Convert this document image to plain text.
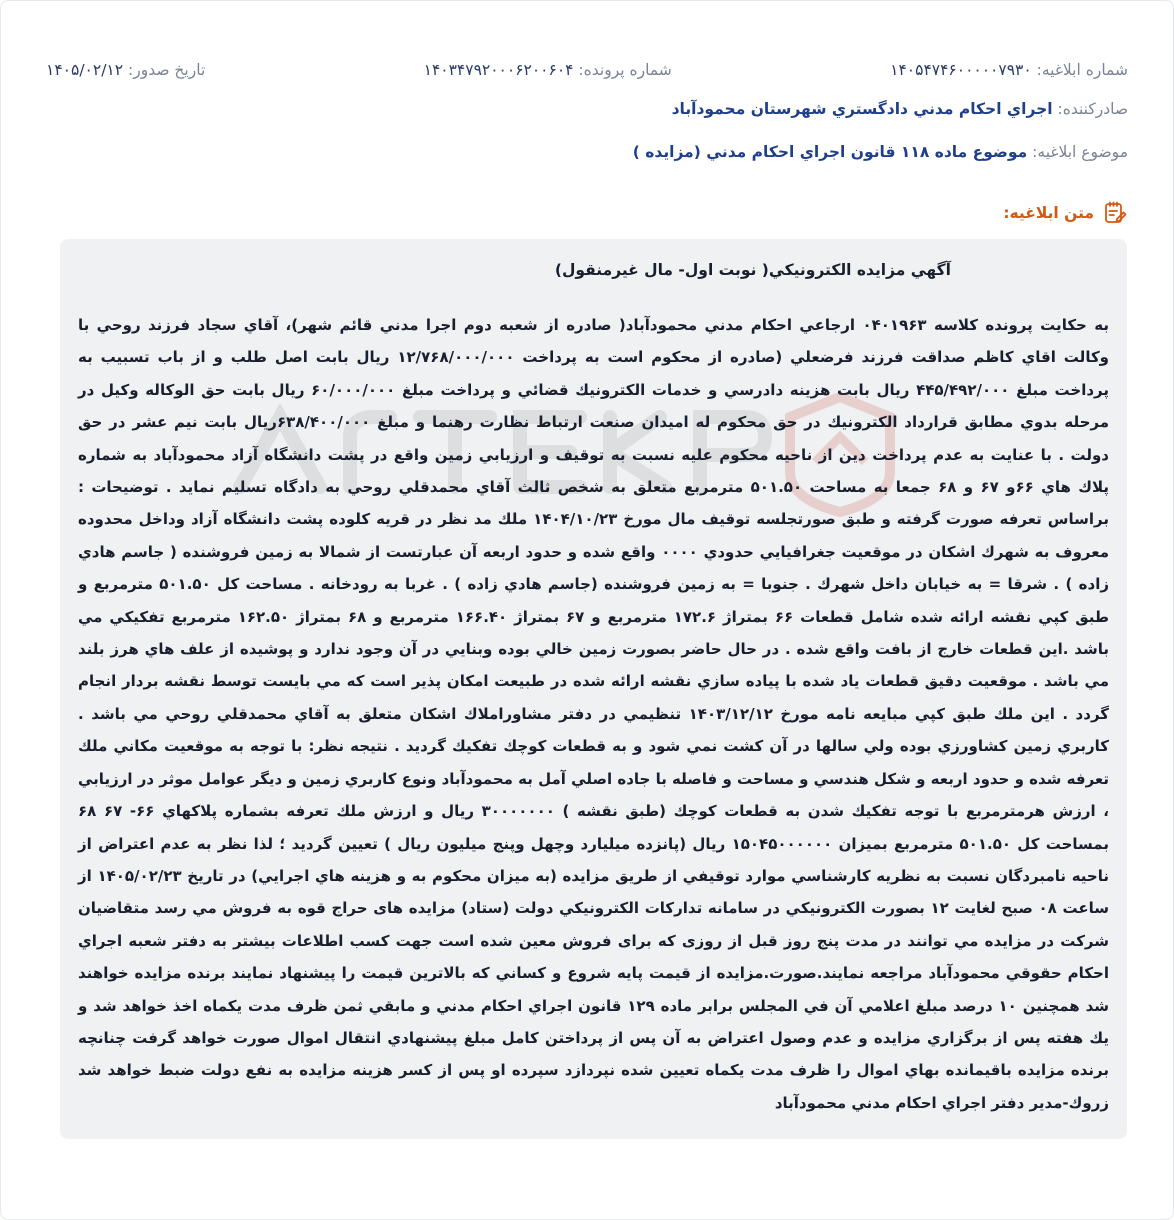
شماره ابلاغیه: ۱۴۰۵۴۷۴۶۰۰۰۰۰۷۹۳۰
شماره پرونده: ۱۴۰۳۴۷۹۲۰۰۰۶۲۰۰۶۰۴
تاریخ صدور: ۱۴۰۵/۰۲/۱۲
صادرکننده: اجراي احكام مدني دادگستري شهرستان محمودآباد
موضوع ابلاغیه: موضوع ماده ۱۱۸ قانون اجراي احكام مدني (مزايده )
متن ابلاغیه:
آگهي مزايده الكترونيكي( نوبت اول- مال غيرمنقول)
به حكايت پرونده كلاسه ۰۴۰۱۹۶۳ ارجاعي احكام مدني محمودآباد( صادره از شعبه دوم اجرا مدني قائم شهر)، آقاي سجاد فرزند روحي با وكالت اقاي كاظم صداقت فرزند فرضعلي (صادره از محكوم است به پرداخت ۱۲/۷۶۸/۰۰۰/۰۰۰ ريال بابت اصل طلب و از باب تسبيب به پرداخت مبلغ ۴۴۵/۴۹۲/۰۰۰ ريال بابت هزينه دادرسي و خدمات الكترونيك قضائي و پرداخت مبلغ ۶۰/۰۰۰/۰۰۰ ريال بابت حق الوكاله وكيل در مرحله بدوي مطابق قرارداد الكترونيك در حق محكوم له اميدان صنعت ارتباط نظارت رهنما و مبلغ ۶۳۸/۴۰۰/۰۰۰ريال بابت نيم عشر در حق دولت . با عنايت به عدم پرداخت دين از ناحيه محكوم عليه نسبت به توقيف و ارزيابي زمين واقع در پشت دانشگاه آزاد محمودآباد به شماره پلاك هاي ۶۶و ۶۷ و ۶۸ جمعا به مساحت ۵۰۱.۵۰ مترمربع متعلق به شخص ثالث آقاي محمدقلي روحي به دادگاه تسليم نمايد . توضيحات : براساس تعرفه صورت گرفته و طبق صورتجلسه توقيف مال مورخ ۱۴۰۴/۱۰/۲۳ ملك مد نظر در قريه كلوده پشت دانشگاه آزاد وداخل محدوده معروف به شهرك اشكان در موقعيت جغرافيايي حدودي ۰۰۰۰ واقع شده و حدود اربعه آن عبارتست از شمالا به زمين فروشنده ( جاسم هادي زاده ) . شرقا = به خيابان داخل شهرك . جنوبا = به زمين فروشنده (جاسم هادي زاده ) . غربا به رودخانه . مساحت كل ۵۰۱.۵۰ مترمربع و طبق كپي نقشه ارائه شده شامل قطعات ۶۶ بمتراژ ۱۷۲.۶ مترمربع و ۶۷ بمتراژ ۱۶۶.۴۰ مترمربع و ۶۸ بمتراژ ۱۶۲.۵۰ مترمربع تفكيكي مي باشد .اين قطعات خارج از بافت واقع شده . در حال حاضر بصورت زمين خالي بوده وبنايي در آن وجود ندارد و پوشيده از علف هاي هرز بلند مي باشد . موقعيت دقيق قطعات ياد شده با پياده سازي نقشه ارائه شده در طبيعت امكان پذير است كه مي بايست توسط نقشه بردار انجام گردد . اين ملك طبق كپي مبايعه نامه مورخ ۱۴۰۳/۱۲/۱۲ تنظيمي در دفتر مشاوراملاك اشكان متعلق به آقاي محمدقلي روحي مي باشد . كاربري زمين كشاورزي بوده ولي سالها در آن كشت نمي شود و به قطعات كوچك تفكيك گرديد . نتيجه نظر: با توجه به موقعيت مكاني ملك تعرفه شده و حدود اربعه و شكل هندسي و مساحت و فاصله با جاده اصلي آمل به محمودآباد ونوع كاربري زمين و ديگر عوامل موثر در ارزيابي ، ارزش هرمترمربع با توجه تفكيك شدن به قطعات كوچك (طبق نقشه ) ۳۰۰۰۰۰۰۰ ريال و ارزش ملك تعرفه بشماره پلاكهاي ۶۶- ۶۷ ۶۸ بمساحت كل ۵۰۱.۵۰ مترمربع بميزان ۱۵۰۴۵۰۰۰۰۰۰ ريال (پانزده ميليارد وچهل وپنج ميليون ريال ) تعيين گرديد ؛ لذا نظر به عدم اعتراض از ناحيه نامبردگان نسبت به نظريه كارشناسي موارد توقيفي از طريق مزايده (به ميزان محكوم به و هزينه هاي اجرايي) در تاريخ ۱۴۰۵/۰۲/۲۳ از ساعت ۰۸ صبح لغايت ۱۲ بصورت الكترونيكي در سامانه تداركات الكترونيكي دولت (ستاد) مزايده های حراج قوه به فروش مي رسد متقاضيان شركت در مزايده مي توانند در مدت پنج روز قبل از روزی كه برای فروش معين شده است جهت كسب اطلاعات بيشتر به دفتر شعبه اجراي احكام حقوقي محمودآباد مراجعه نمايند.صورت.مزايده از قيمت پايه شروع و كساني كه بالاترين قيمت را پيشنهاد نمايند برنده مزايده خواهند شد همچنين ۱۰ درصد مبلغ اعلامي آن في المجلس برابر ماده ۱۲۹ قانون اجراي احكام مدني و مابقي ثمن ظرف مدت يكماه اخذ خواهد شد و يك هفته پس از برگزاري مزايده و عدم وصول اعتراض به آن پس از پرداختن كامل مبلغ پيشنهادي انتقال اموال صورت خواهد گرفت چنانچه برنده مزايده باقيمانده بهاي اموال را ظرف مدت يكماه تعيين شده نپردازد سپرده او پس از كسر هزينه مزايده به نفع دولت ضبط خواهد شد زروك-مدير دفتر اجراي احكام مدني محمودآباد
